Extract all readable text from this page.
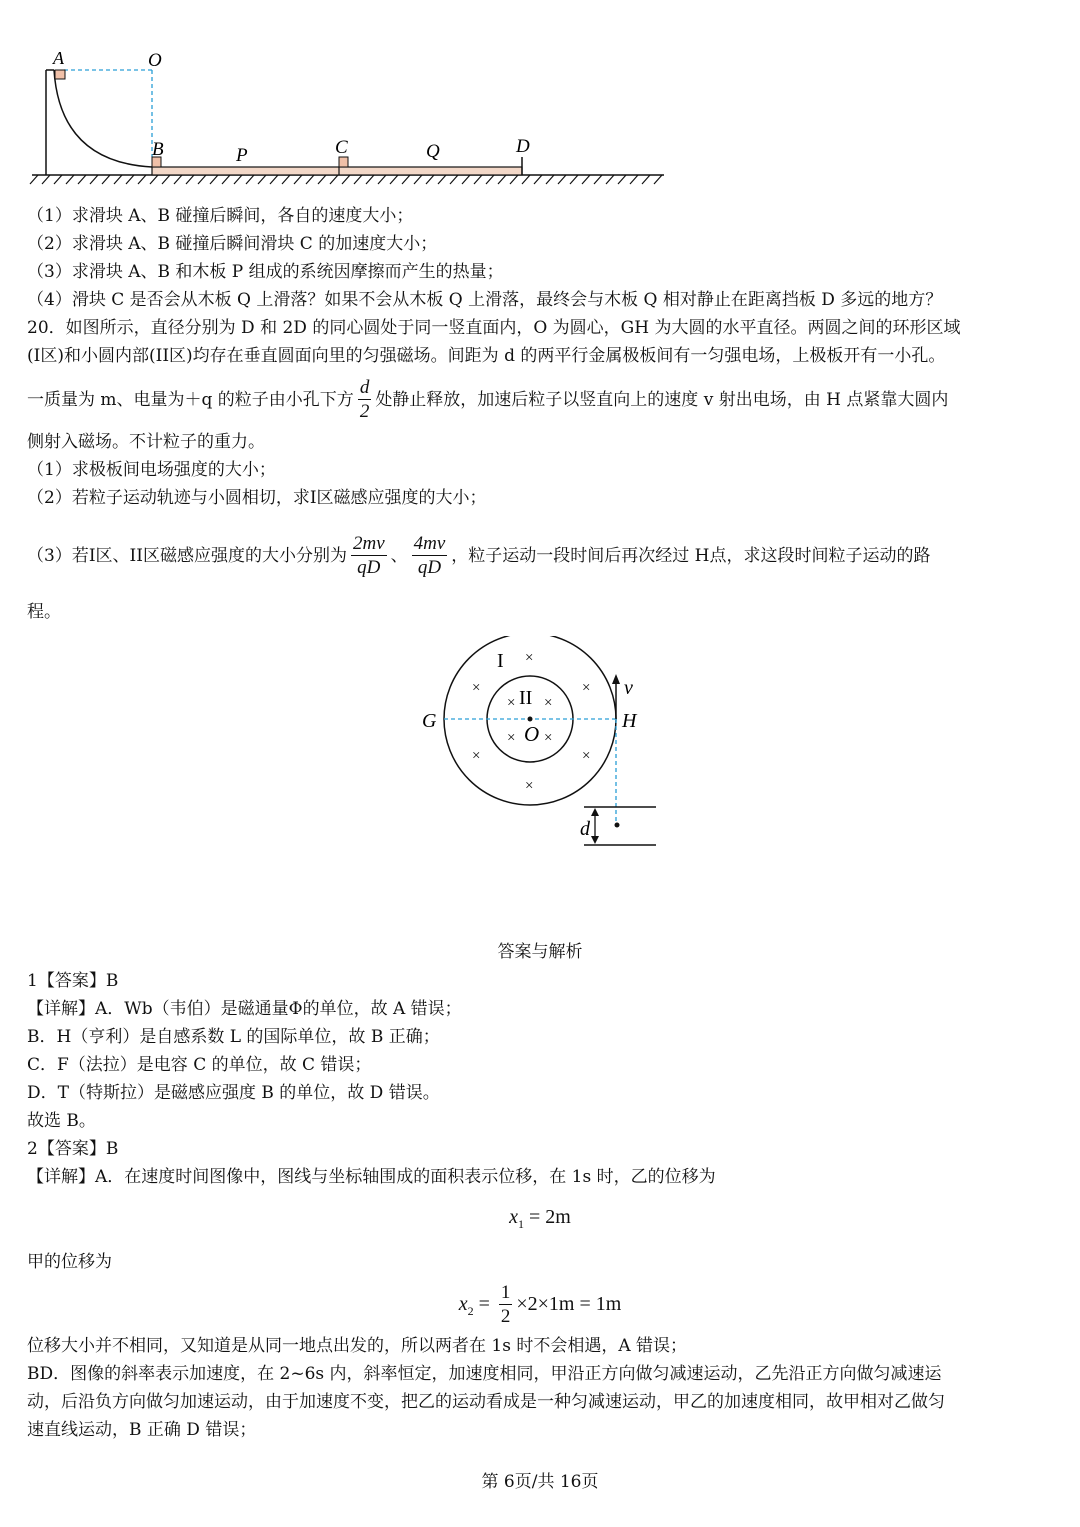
A	O
B	P	C	Q	D
（1）求滑块 A、B 碰撞后瞬间，各自的速度大小；
（2）求滑块 A、B 碰撞后瞬间滑块 C 的加速度大小；
（3）求滑块 A、B 和木板 P 组成的系统因摩擦而产生的热量；
（4）滑块 C 是否会从木板 Q 上滑落？如果不会从木板 Q 上滑落，最终会与木板 Q 相对静止在距离挡板 D 多远的地方？
20．如图所示，直径分别为 D 和 2D 的同心圆处于同一竖直面内，O 为圆心，GH 为大圆的水平直径。两圆之间的环形区域
(I区)和小圆内部(II区)均存在垂直圆面向里的匀强磁场。间距为 d 的两平行金属极板间有一匀强电场，上极板开有一小孔。
一质量为 m、电量为＋q 的粒子由小孔下方 $\frac{d}{2}$ 处静止释放，加速后粒子以竖直向上的速度 v 射出电场，由 H 点紧靠大圆内
侧射入磁场。不计粒子的重力。
（1）求极板间电场强度的大小；
（2）若粒子运动轨迹与小圆相切，求Ⅰ区磁感应强度的大小；
（3）若I区、II区磁感应强度的大小分别为 $\frac{2mv}{qD}$ 、 $\frac{4mv}{qD}$ ，粒子运动一段时间后再次经过 H点，求这段时间粒子运动的路
程。
×
×	×
×	×
×
× ×
× ×
I
II
G	H
O
v
d
答案与解析
1【答案】B
【详解】A．Wb（韦伯）是磁通量Φ的单位，故 A 错误；
B．H（亨利）是自感系数 L 的国际单位，故 B 正确；
C．F（法拉）是电容 C 的单位，故 C 错误；
D．T（特斯拉）是磁感应强度 B 的单位，故 D 错误。
故选 B。
2【答案】B
【详解】A．在速度时间图像中，图线与坐标轴围成的面积表示位移，在 1s 时，乙的位移为
$x_1 = 2m$
甲的位移为
$x_2 = \frac{1}{2} \times 2\times 1m = 1m$
位移大小并不相同，又知道是从同一地点出发的，所以两者在 1s 时不会相遇，A 错误；
BD．图像的斜率表示加速度，在 2~6s 内，斜率恒定，加速度相同，甲沿正方向做匀减速运动，乙先沿正方向做匀减速运
动，后沿负方向做匀加速运动，由于加速度不变，把乙的运动看成是一种匀减速运动，甲乙的加速度相同，故甲相对乙做匀
速直线运动，B 正确 D 错误；
第 6页/共 16页
